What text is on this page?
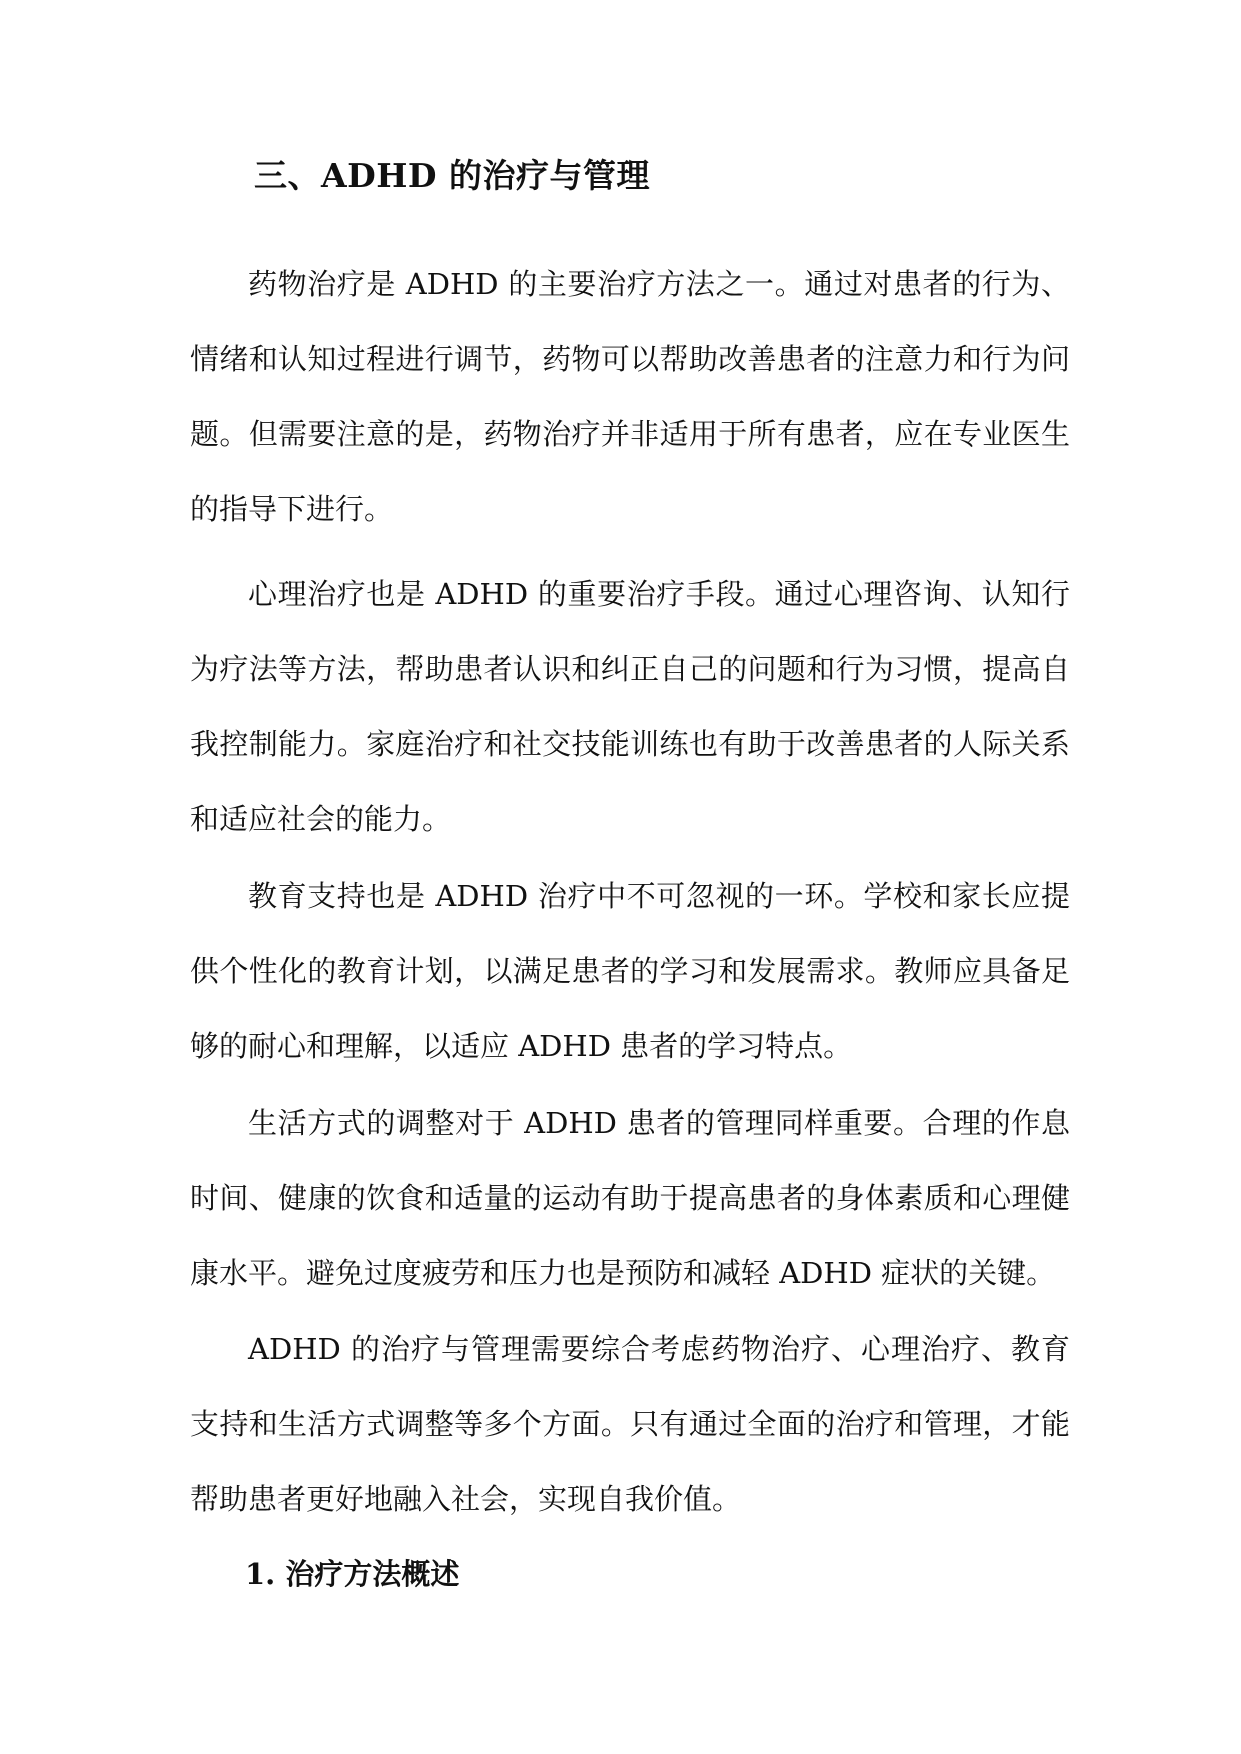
三、ADHD 的治疗与管理

药物治疗是 ADHD 的主要治疗方法之一。通过对患者的行为、情绪和认知过程进行调节，药物可以帮助改善患者的注意力和行为问题。但需要注意的是，药物治疗并非适用于所有患者，应在专业医生的指导下进行。

心理治疗也是 ADHD 的重要治疗手段。通过心理咨询、认知行为疗法等方法，帮助患者认识和纠正自己的问题和行为习惯，提高自我控制能力。家庭治疗和社交技能训练也有助于改善患者的人际关系和适应社会的能力。

教育支持也是 ADHD 治疗中不可忽视的一环。学校和家长应提供个性化的教育计划，以满足患者的学习和发展需求。教师应具备足够的耐心和理解，以适应 ADHD 患者的学习特点。

生活方式的调整对于 ADHD 患者的管理同样重要。合理的作息时间、健康的饮食和适量的运动有助于提高患者的身体素质和心理健康水平。避免过度疲劳和压力也是预防和减轻 ADHD 症状的关键。

ADHD 的治疗与管理需要综合考虑药物治疗、心理治疗、教育支持和生活方式调整等多个方面。只有通过全面的治疗和管理，才能帮助患者更好地融入社会，实现自我价值。

1. 治疗方法概述
